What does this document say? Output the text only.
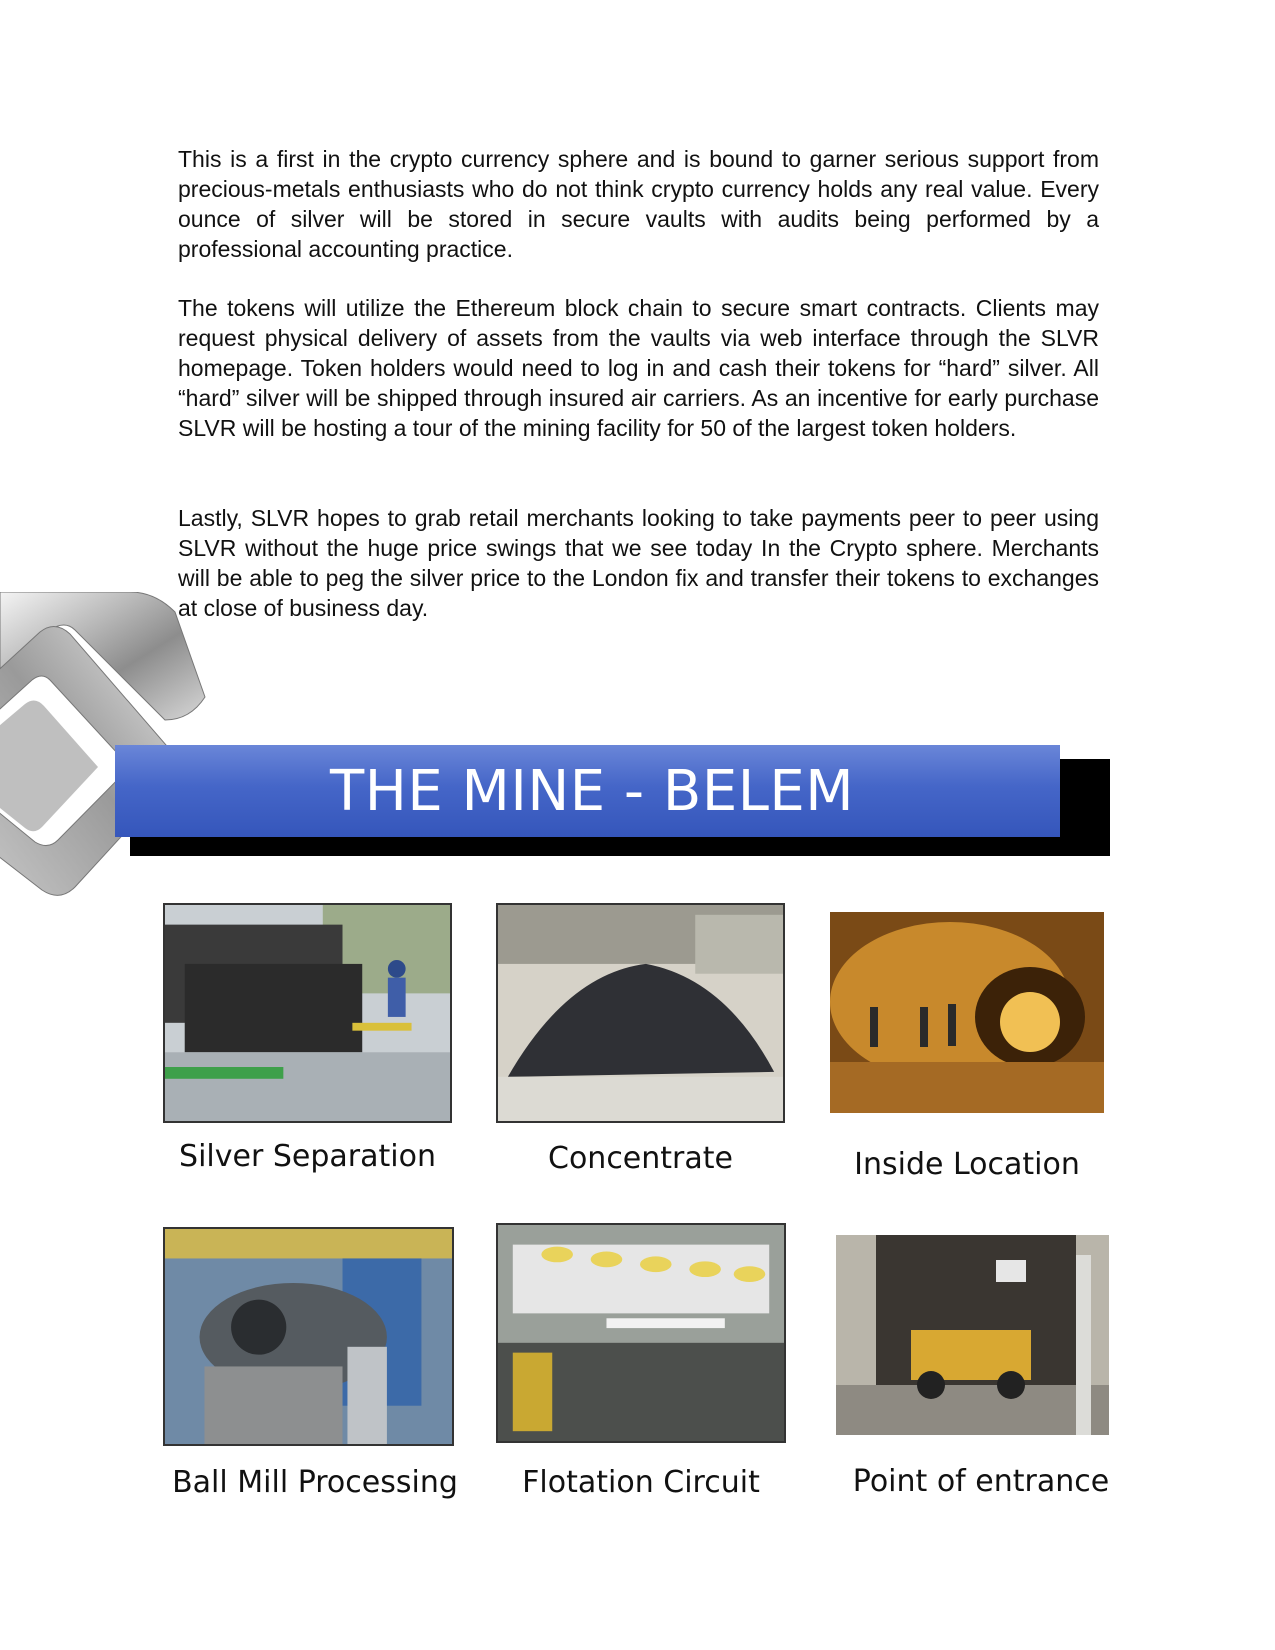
This is a first in the crypto currency sphere and is bound to garner serious support from precious-metals enthusiasts who do not think crypto currency holds any real value. Every ounce of silver will be stored in secure vaults with audits being performed by a professional accounting practice.

The tokens will utilize the Ethereum block chain to secure smart contracts. Clients may request physical delivery of assets from the vaults via web interface through the SLVR homepage. Token holders would need to log in and cash their tokens for “hard” silver. All “hard” silver will be shipped through insured air carriers. As an incentive for early purchase SLVR will be hosting a tour of the mining facility for 50 of the largest token holders.

Lastly, SLVR hopes to grab retail merchants looking to take payments peer to peer using SLVR without the huge price swings that we see today In the Crypto sphere. Merchants will be able to peg the silver price to the London fix and transfer their tokens to exchanges at close of business day.

THE MINE - BELEM
Silver Separation	Concentrate	Inside Location
Ball Mill Processing	Flotation Circuit	Point of entrance
